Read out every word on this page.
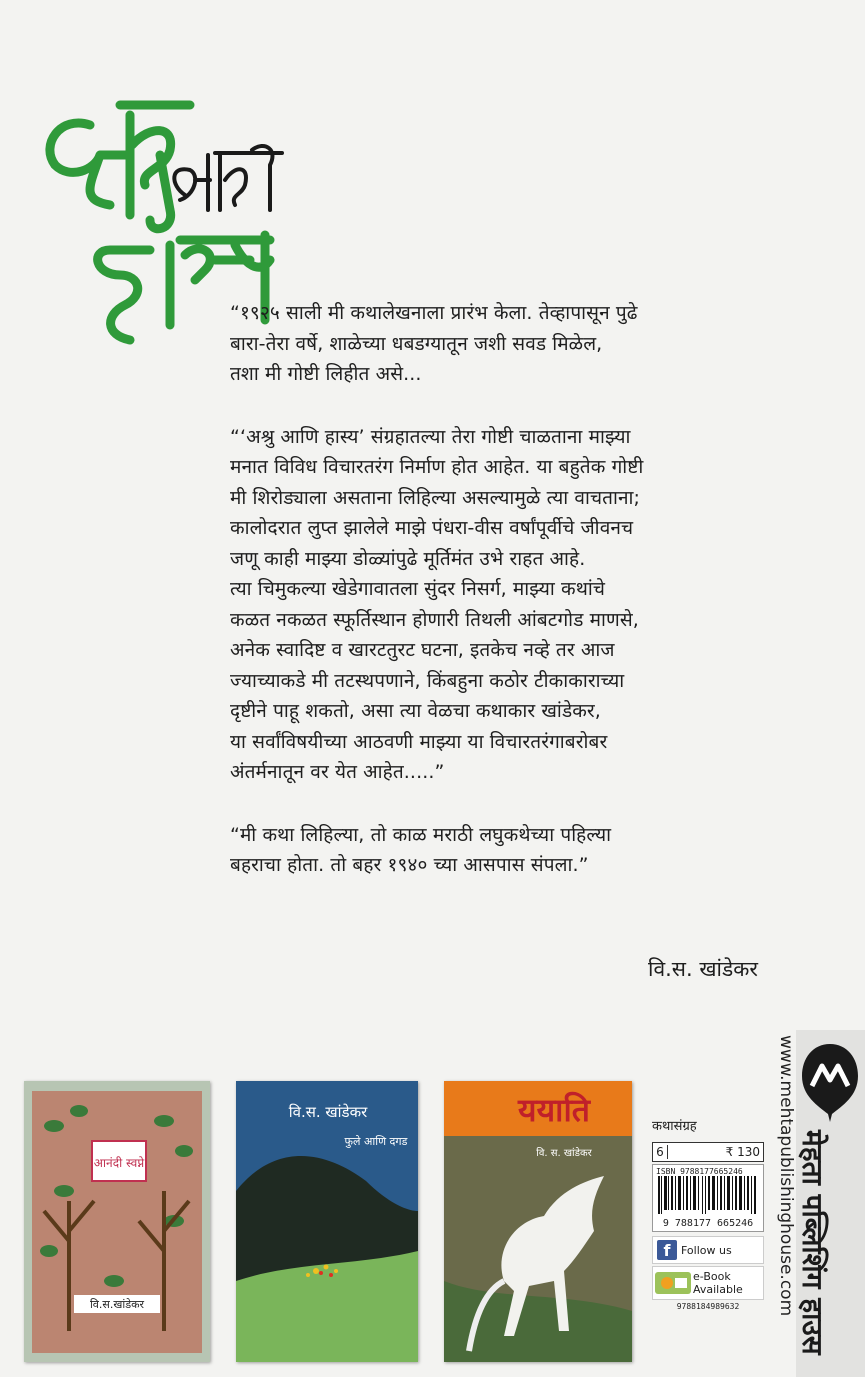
“१९२५ साली मी कथालेखनाला प्रारंभ केला. तेव्हापासून पुढे
बारा-तेरा वर्षे, शाळेच्या धबडग्यातून जशी सवड मिळेल,
तशा मी गोष्टी लिहीत असे...

“‘अश्रु आणि हास्य’ संग्रहातल्या तेरा गोष्टी चाळताना माझ्या
मनात विविध विचारतरंग निर्माण होत आहेत. या बहुतेक गोष्टी
मी शिरोड्याला असताना लिहिल्या असल्यामुळे त्या वाचताना;
कालोदरात लुप्त झालेले माझे पंधरा-वीस वर्षांपूर्वीचे जीवनच
जणू काही माझ्या डोळ्यांपुढे मूर्तिमंत उभे राहत आहे.
त्या चिमुकल्या खेडेगावातला सुंदर निसर्ग, माझ्या कथांचे
कळत नकळत स्फूर्तिस्थान होणारी तिथली आंबटगोड माणसे,
अनेक स्वादिष्ट व खारटतुरट घटना, इतकेच नव्हे तर आज
ज्याच्याकडे मी तटस्थपणाने, किंबहुना कठोर टीकाकाराच्या
दृष्टीने पाहू शकतो, असा त्या वेळचा कथाकार खांडेकर,
या सर्वांविषयीच्या आठवणी माझ्या या विचारतरंगाबरोबर
अंतर्मनातून वर येत आहेत.....”

“मी कथा लिहिल्या, तो काळ मराठी लघुकथेच्या पहिल्या
बहराचा होता. तो बहर १९४० च्या आसपास संपला.”

वि.स. खांडेकर
आनंदी स्वप्ने
वि.स.खांडेकर
वि.स. खांडेकर
फुले आणि दगड
ययाति
वि. स. खांडेकर
कथासंग्रह
6	₹ 130
ISBN 9788177665246
9 788177 665246
f Follow us
e-Book
Available
9788184989632	मेहता पब्लिशिंग हाउस
www.mehtapublishinghouse.com
